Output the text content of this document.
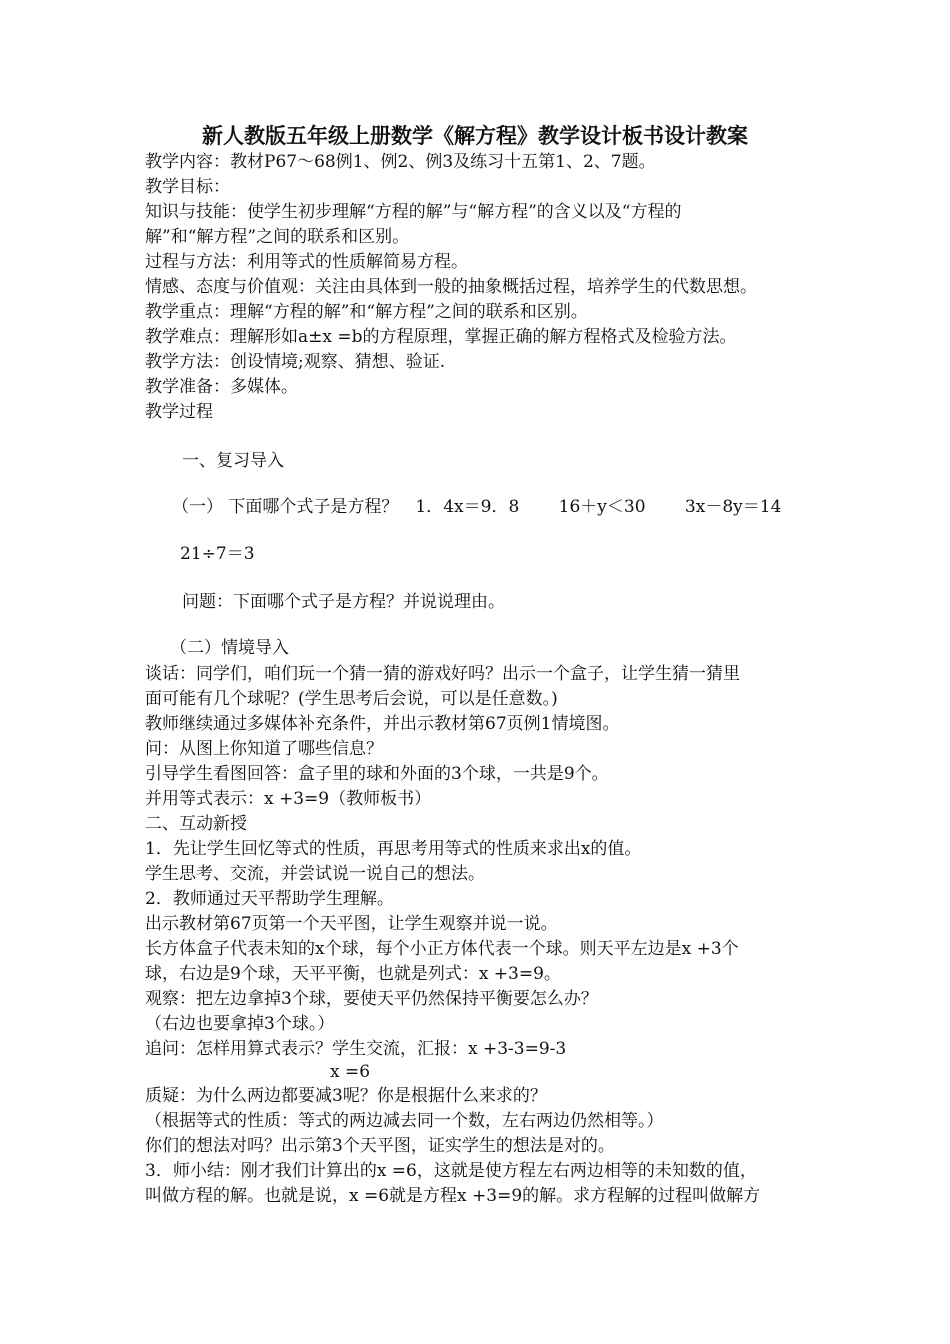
新人教版五年级上册数学《解方程》教学设计板书设计教案
教学内容：教材P67～68例1、例2、例3及练习十五第1、2、7题。
教学目标：
知识与技能：使学生初步理解“方程的解”与“解方程”的含义以及“方程的
解”和“解方程”之间的联系和区别。
过程与方法：利用等式的性质解简易方程。
情感、态度与价值观：关注由具体到一般的抽象概括过程，培养学生的代数思想。
教学重点：理解“方程的解”和“解方程”之间的联系和区别。
教学难点：理解形如a±x =b的方程原理，掌握正确的解方程格式及检验方法。
教学方法：创设情境;观察、猜想、验证.
教学准备：多媒体。
教学过程
一、复习导入
（一） 下面哪个式子是方程？　1．4x＝9．8　　 16＋y＜30　　 3x－8y＝14
21÷7＝3
问题：下面哪个式子是方程？并说说理由。
（二）情境导入
谈话：同学们，咱们玩一个猜一猜的游戏好吗？出示一个盒子，让学生猜一猜里
面可能有几个球呢？(学生思考后会说，可以是任意数。)
教师继续通过多媒体补充条件，并出示教材第67页例1情境图。
问：从图上你知道了哪些信息？
引导学生看图回答：盒子里的球和外面的3个球，一共是9个。
并用等式表示：x +3=9（教师板书）
二、互动新授
1．先让学生回忆等式的性质，再思考用等式的性质来求出x的值。
学生思考、交流，并尝试说一说自己的想法。
2．教师通过天平帮助学生理解。
出示教材第67页第一个天平图，让学生观察并说一说。
长方体盒子代表未知的x个球，每个小正方体代表一个球。则天平左边是x +3个
球，右边是9个球，天平平衡，也就是列式：x +3=9。
观察：把左边拿掉3个球，要使天平仍然保持平衡要怎么办？
（右边也要拿掉3个球。）
追问：怎样用算式表示？学生交流，汇报：x +3-3=9-3
x =6
质疑：为什么两边都要减3呢？你是根据什么来求的？
（根据等式的性质：等式的两边减去同一个数，左右两边仍然相等。）
你们的想法对吗？出示第3个天平图，证实学生的想法是对的。
3．师小结：刚才我们计算出的x =6，这就是使方程左右两边相等的未知数的值，
叫做方程的解。也就是说，x =6就是方程x +3=9的解。求方程解的过程叫做解方
